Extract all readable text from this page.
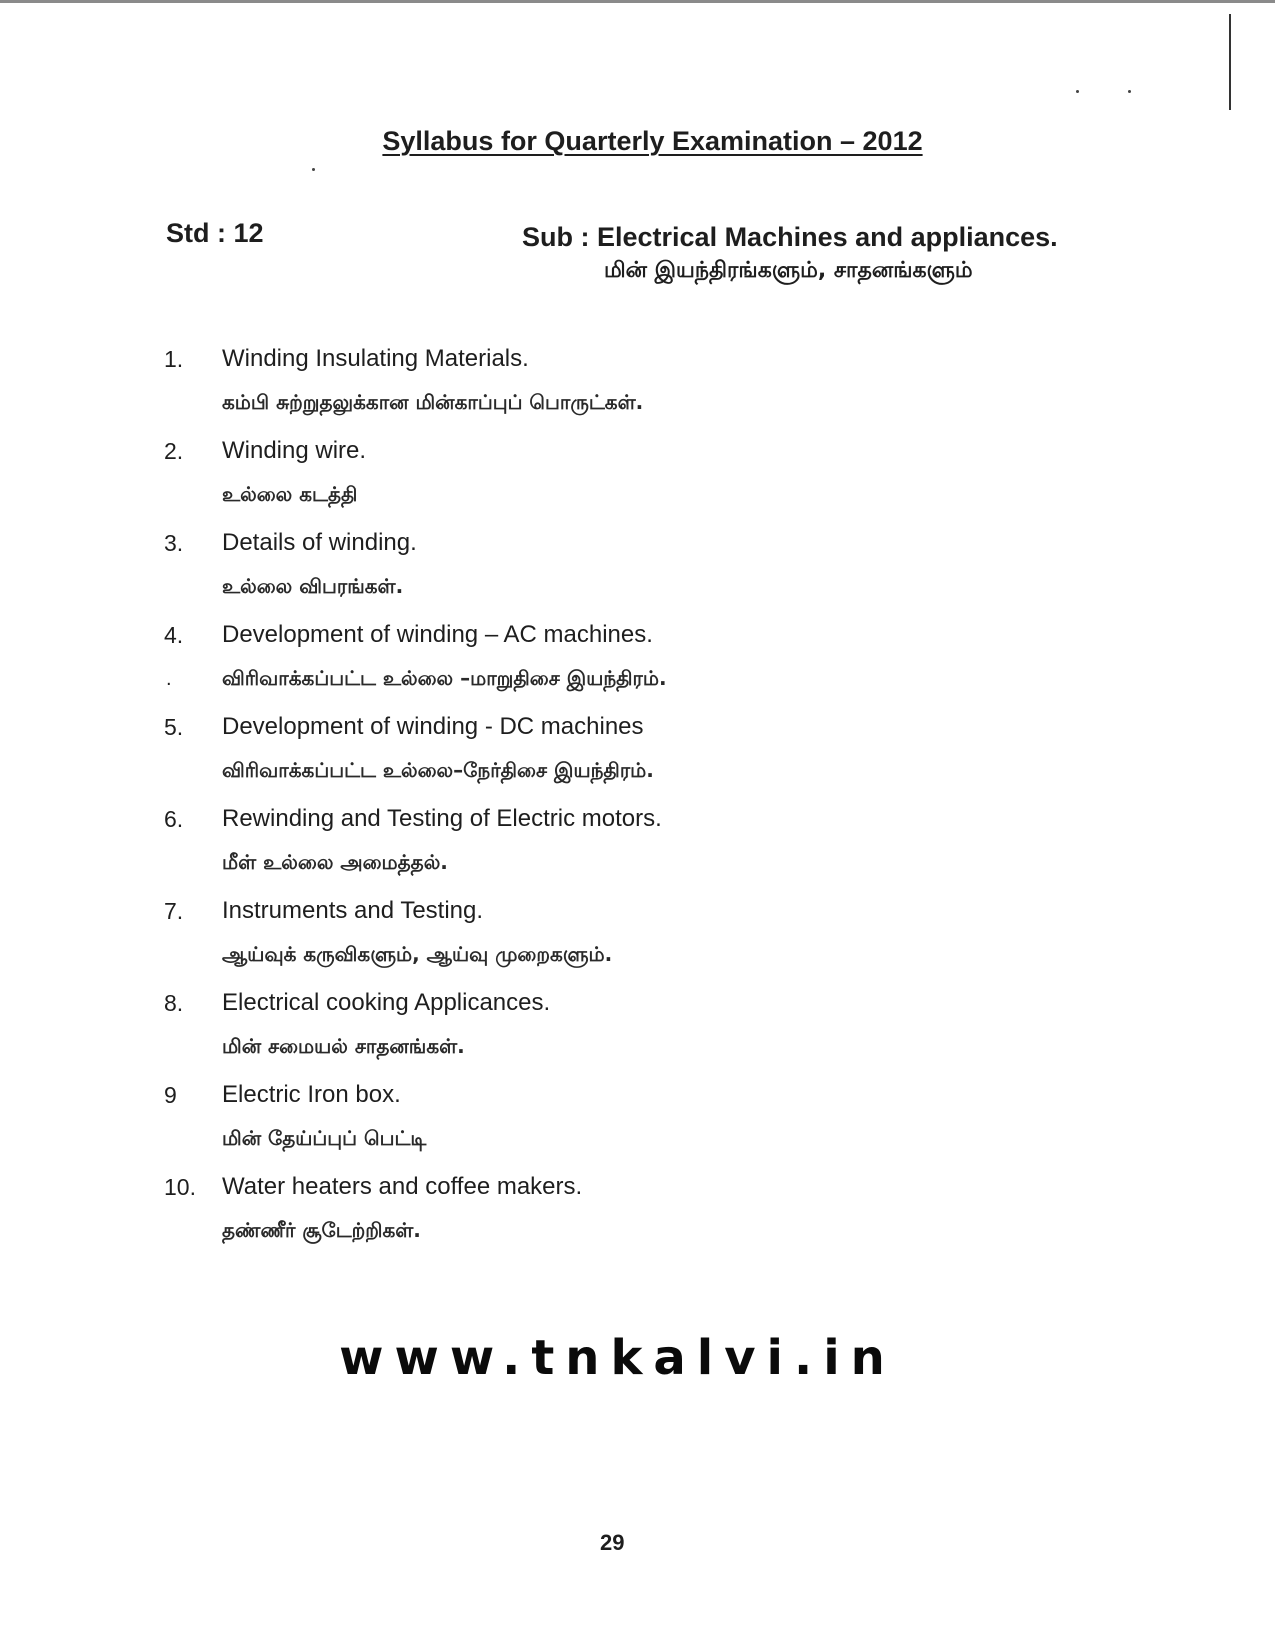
Syllabus for Quarterly Examination – 2012
Std : 12	Sub : Electrical Machines and appliances.
மின் இயந்திரங்களும், சாதனங்களும்
1.	Winding Insulating Materials.
கம்பி சுற்றுதலுக்கான மின்காப்புப் பொருட்கள்.
2.	Winding wire.
உல்லை கடத்தி
3.	Details of winding.
உல்லை விபரங்கள்.
4.	Development of winding – AC machines.
.	விரிவாக்கப்பட்ட உல்லை –மாறுதிசை இயந்திரம்.
5.	Development of winding - DC machines
விரிவாக்கப்பட்ட உல்லை–நேர்திசை இயந்திரம்.
6.	Rewinding and Testing of Electric motors.
மீள் உல்லை அமைத்தல்.
7.	Instruments and Testing.
ஆய்வுக் கருவிகளும், ஆய்வு முறைகளும்.
8.	Electrical cooking Applicances.
மின் சமையல் சாதனங்கள்.
9	Electric Iron box.
மின் தேய்ப்புப் பெட்டி
10.	Water heaters and coffee makers.
தண்ணீர் சூடேற்றிகள்.
www.tnkalvi.in
29
